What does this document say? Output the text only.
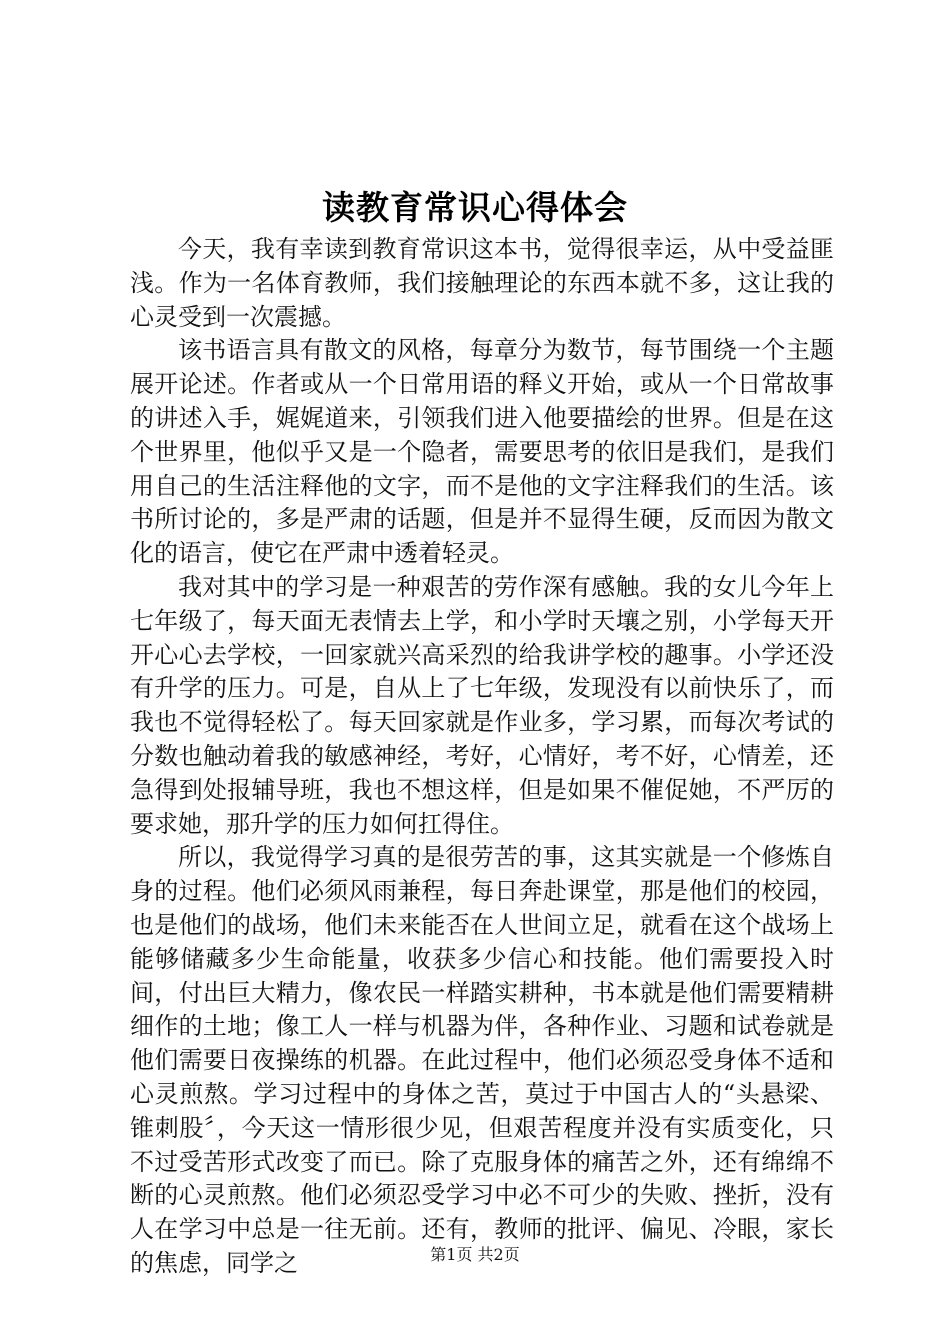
读教育常识心得体会

今天，我有幸读到教育常识这本书，觉得很幸运，从中受益匪浅。作为一名体育教师，我们接触理论的东西本就不多，这让我的心灵受到一次震撼。

该书语言具有散文的风格，每章分为数节，每节围绕一个主题展开论述。作者或从一个日常用语的释义开始，或从一个日常故事的讲述入手，娓娓道来，引领我们进入他要描绘的世界。但是在这个世界里，他似乎又是一个隐者，需要思考的依旧是我们，是我们用自己的生活注释他的文字，而不是他的文字注释我们的生活。该书所讨论的，多是严肃的话题，但是并不显得生硬，反而因为散文化的语言，使它在严肃中透着轻灵。

我对其中的学习是一种艰苦的劳作深有感触。我的女儿今年上七年级了，每天面无表情去上学，和小学时天壤之别，小学每天开开心心去学校，一回家就兴高采烈的给我讲学校的趣事。小学还没有升学的压力。可是，自从上了七年级，发现没有以前快乐了，而我也不觉得轻松了。每天回家就是作业多，学习累，而每次考试的分数也触动着我的敏感神经，考好，心情好，考不好，心情差，还急得到处报辅导班，我也不想这样，但是如果不催促她，不严厉的要求她，那升学的压力如何扛得住。

所以，我觉得学习真的是很劳苦的事，这其实就是一个修炼自身的过程。他们必须风雨兼程，每日奔赴课堂，那是他们的校园，也是他们的战场，他们未来能否在人世间立足，就看在这个战场上能够储藏多少生命能量，收获多少信心和技能。他们需要投入时间，付出巨大精力，像农民一样踏实耕种，书本就是他们需要精耕细作的土地；像工人一样与机器为伴，各种作业、习题和试卷就是他们需要日夜操练的机器。在此过程中，他们必须忍受身体不适和心灵煎熬。学习过程中的身体之苦，莫过于中国古人的“头悬梁、锥刺股〞，今天这一情形很少见，但艰苦程度并没有实质变化，只不过受苦形式改变了而已。除了克服身体的痛苦之外，还有绵绵不断的心灵煎熬。他们必须忍受学习中必不可少的失败、挫折，没有人在学习中总是一往无前。还有，教师的批评、偏见、冷眼，家长的焦虑，同学之	第1页 共2页
